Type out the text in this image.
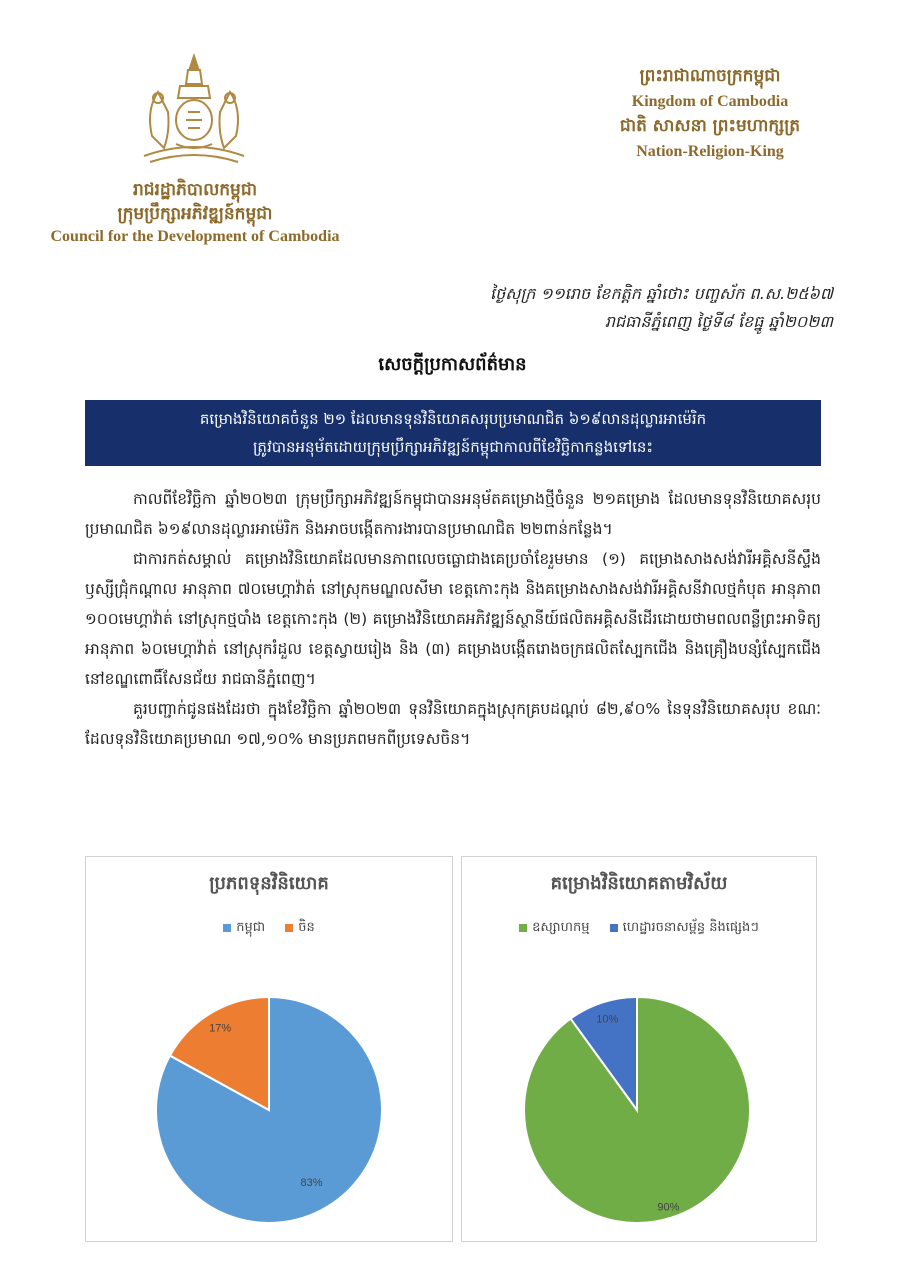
រាជរដ្ឋាភិបាលកម្ពុជា
ក្រុមប្រឹក្សាអភិវឌ្ឍន៍កម្ពុជា
Council for the Development of Cambodia
ព្រះរាជាណាចក្រកម្ពុជា
Kingdom of Cambodia
ជាតិ សាសនា ព្រះមហាក្សត្រ
Nation-Religion-King
ថ្ងៃសុក្រ ១១រោច ខែកត្តិក ឆ្នាំថោះ បញ្ចស័ក ព.ស.២៥៦៧
រាជធានីភ្នំពេញ ថ្ងៃទី៨ ខែធ្នូ ឆ្នាំ២០២៣
សេចក្ដីប្រកាសព័ត៌មាន
គម្រោងវិនិយោគចំនួន ២១ ដែលមានទុនវិនិយោគសរុបប្រមាណជិត ៦១៩លានដុល្លារអាម៉េរិក
ត្រូវបានអនុម័តដោយក្រុមប្រឹក្សាអភិវឌ្ឍន៍កម្ពុជាកាលពីខែវិច្ឆិកាកន្លងទៅនេះ

កាលពីខែវិច្ឆិកា ឆ្នាំ២០២៣ ក្រុមប្រឹក្សាអភិវឌ្ឍន៍កម្ពុជាបានអនុម័តគម្រោងថ្មីចំនួន ២១គម្រោង ដែលមានទុនវិនិយោគសរុបប្រមាណជិត ៦១៩លានដុល្លារអាម៉េរិក និងអាចបង្កើតការងារបានប្រមាណជិត ២២ពាន់កន្លែង។

ជាការកត់សម្គាល់ គម្រោងវិនិយោគដែលមានភាពលេចធ្លោជាងគេប្រចាំខែរួមមាន (១) គម្រោងសាងសង់វារីអគ្គិសនីស្ទឹងឫស្សីជ្រុំកណ្ដាល អានុភាព ៧០មេហ្គាវ៉ាត់ នៅស្រុកមណ្ឌលសីមា ខេត្តកោះកុង និងគម្រោងសាងសង់វារីអគ្គិសនីវាលថ្មកំបុត អានុភាព ១០០មេហ្គាវ៉ាត់ នៅស្រុកថ្មបាំង ខេត្តកោះកុង (២) គម្រោងវិនិយោគអភិវឌ្ឍន៍ស្ថានីយ៍ផលិតអគ្គិសនីដើរដោយថាមពលពន្លឺព្រះអាទិត្យ អានុភាព ៦០មេហ្គាវ៉ាត់ នៅស្រុករំដួល ខេត្តស្វាយរៀង និង (៣) គម្រោងបង្កើតរោងចក្រផលិតស្បែកជើង និងគ្រឿងបន្សំស្បែកជើង នៅខណ្ឌពោធិ៍សែនជ័យ រាជធានីភ្នំពេញ។

គួរបញ្ជាក់ជូនផងដែរថា ក្នុងខែវិច្ឆិកា ឆ្នាំ២០២៣ ទុនវិនិយោគក្នុងស្រុកគ្របដណ្ដប់ ៨២,៩០% នៃទុនវិនិយោគសរុប ខណៈដែលទុនវិនិយោគប្រមាណ ១៧,១០% មានប្រភពមកពីប្រទេសចិន។

ប្រភពទុនវិនិយោគ
កម្ពុជា	ចិន
83%
17%
គម្រោងវិនិយោគតាមវិស័យ
ឧស្សាហកម្ម	ហេដ្ឋារចនាសម្ព័ន្ធ និងផ្សេងៗ
90%
10%
